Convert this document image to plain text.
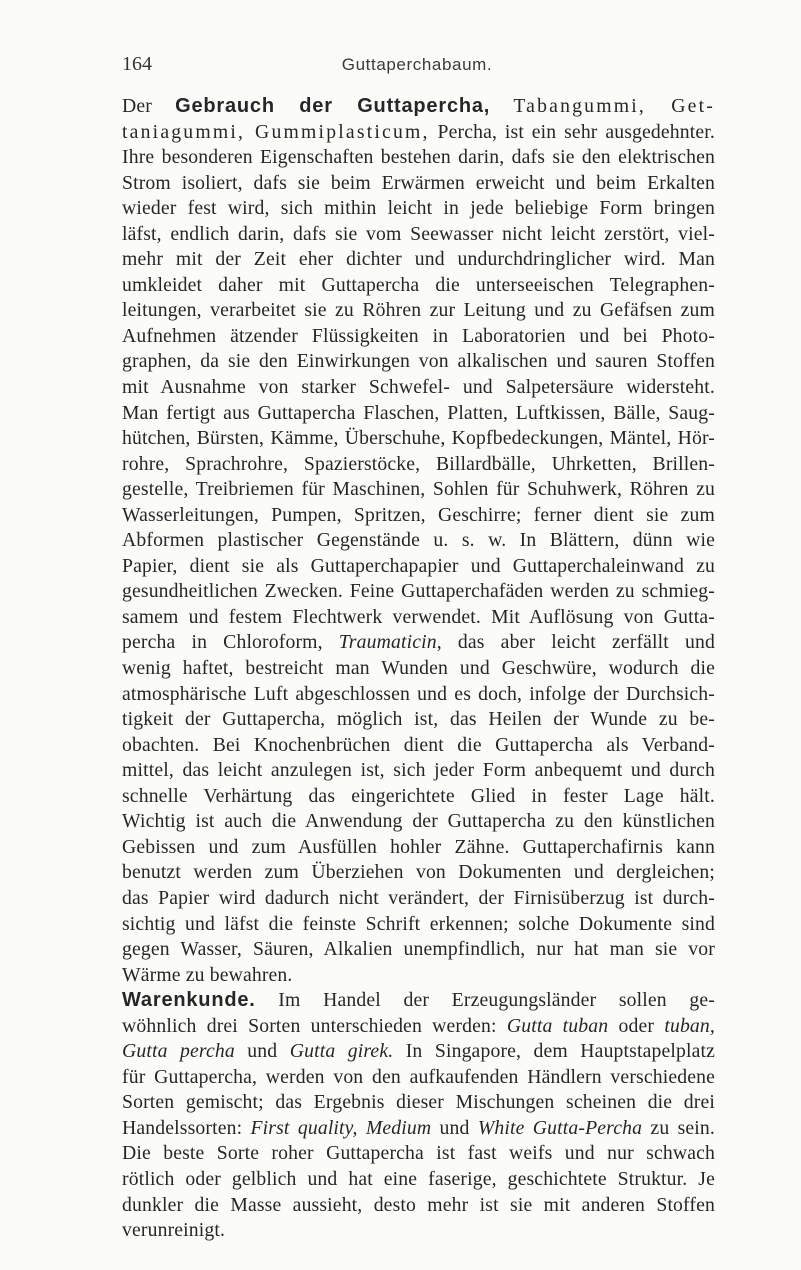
164	Guttaperchabaum.
Der Gebrauch der Guttapercha, Tabangummi, Get-
taniagummi, Gummiplasticum, Percha, ist ein sehr ausgedehnter.
Ihre besonderen Eigenschaften bestehen darin, dafs sie den elektrischen
Strom isoliert, dafs sie beim Erwärmen erweicht und beim Erkalten
wieder fest wird, sich mithin leicht in jede beliebige Form bringen
läfst, endlich darin, dafs sie vom Seewasser nicht leicht zerstört, viel-
mehr mit der Zeit eher dichter und undurchdringlicher wird. Man
umkleidet daher mit Guttapercha die unterseeischen Telegraphen-
leitungen, verarbeitet sie zu Röhren zur Leitung und zu Gefäfsen zum
Aufnehmen ätzender Flüssigkeiten in Laboratorien und bei Photo-
graphen, da sie den Einwirkungen von alkalischen und sauren Stoffen
mit Ausnahme von starker Schwefel- und Salpetersäure widersteht.
Man fertigt aus Guttapercha Flaschen, Platten, Luftkissen, Bälle, Saug-
hütchen, Bürsten, Kämme, Überschuhe, Kopfbedeckungen, Mäntel, Hör-
rohre, Sprachrohre, Spazierstöcke, Billardbälle, Uhrketten, Brillen-
gestelle, Treibriemen für Maschinen, Sohlen für Schuhwerk, Röhren zu
Wasserleitungen, Pumpen, Spritzen, Geschirre; ferner dient sie zum
Abformen plastischer Gegenstände u. s. w. In Blättern, dünn wie
Papier, dient sie als Guttaperchapapier und Guttaperchaleinwand zu
gesundheitlichen Zwecken. Feine Guttaperchafäden werden zu schmieg-
samem und festem Flechtwerk verwendet. Mit Auflösung von Gutta-
percha in Chloroform, Traumaticin, das aber leicht zerfällt und
wenig haftet, bestreicht man Wunden und Geschwüre, wodurch die
atmosphärische Luft abgeschlossen und es doch, infolge der Durchsich-
tigkeit der Guttapercha, möglich ist, das Heilen der Wunde zu be-
obachten. Bei Knochenbrüchen dient die Guttapercha als Verband-
mittel, das leicht anzulegen ist, sich jeder Form anbequemt und durch
schnelle Verhärtung das eingerichtete Glied in fester Lage hält.
Wichtig ist auch die Anwendung der Guttapercha zu den künstlichen
Gebissen und zum Ausfüllen hohler Zähne. Guttaperchafirnis kann
benutzt werden zum Überziehen von Dokumenten und dergleichen;
das Papier wird dadurch nicht verändert, der Firnisüberzug ist durch-
sichtig und läfst die feinste Schrift erkennen; solche Dokumente sind
gegen Wasser, Säuren, Alkalien unempfindlich, nur hat man sie vor
Wärme zu bewahren.
Warenkunde. Im Handel der Erzeugungsländer sollen ge-
wöhnlich drei Sorten unterschieden werden: Gutta tuban oder tuban,
Gutta percha und Gutta girek. In Singapore, dem Hauptstapelplatz
für Guttapercha, werden von den aufkaufenden Händlern verschiedene
Sorten gemischt; das Ergebnis dieser Mischungen scheinen die drei
Handelssorten: First quality, Medium und White Gutta-Percha zu sein.
Die beste Sorte roher Guttapercha ist fast weifs und nur schwach
rötlich oder gelblich und hat eine faserige, geschichtete Struktur. Je
dunkler die Masse aussieht, desto mehr ist sie mit anderen Stoffen
verunreinigt.
